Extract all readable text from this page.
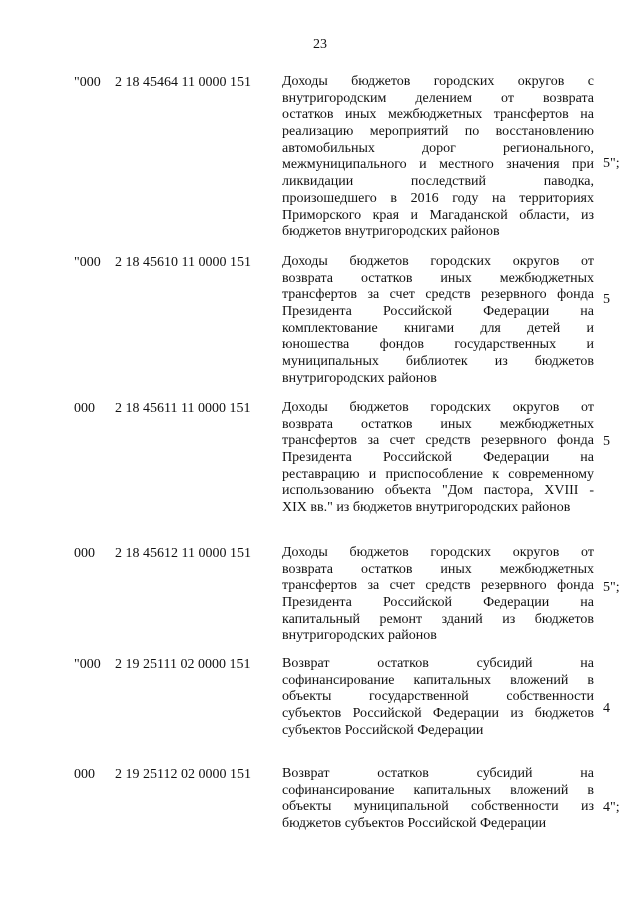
23
"000 2 18 45464 11 0000 151 Доходы бюджетов городских округов с
внутригородским делением от возврата
остатков иных межбюджетных трансфертов на
реализацию мероприятий по восстановлению
автомобильных дорог регионального,
межмуниципального и местного значения при
ликвидации последствий паводка,
произошедшего в 2016 году на территориях
Приморского края и Магаданской области, из
бюджетов внутригородских районов
5";
"000 2 18 45610 11 0000 151 Доходы бюджетов городских округов от
возврата остатков иных межбюджетных
трансфертов за счет средств резервного фонда
Президента Российской Федерации на
комплектование книгами для детей и
юношества фондов государственных и
муниципальных библиотек из бюджетов
внутригородских районов
5
000 2 18 45611 11 0000 151 Доходы бюджетов городских округов от
возврата остатков иных межбюджетных
трансфертов за счет средств резервного фонда
Президента Российской Федерации на
реставрацию и приспособление к современному
использованию объекта "Дом пастора, XVIII -
XIX вв." из бюджетов внутригородских районов
5
000 2 18 45612 11 0000 151 Доходы бюджетов городских округов от
возврата остатков иных межбюджетных
трансфертов за счет средств резервного фонда
Президента Российской Федерации на
капитальный ремонт зданий из бюджетов
внутригородских районов
5";
"000 2 19 25111 02 0000 151 Возврат остатков субсидий на
софинансирование капитальных вложений в
объекты государственной собственности
субъектов Российской Федерации из бюджетов
субъектов Российской Федерации
4
000 2 19 25112 02 0000 151 Возврат остатков субсидий на
софинансирование капитальных вложений в
объекты муниципальной собственности из
бюджетов субъектов Российской Федерации
4";
